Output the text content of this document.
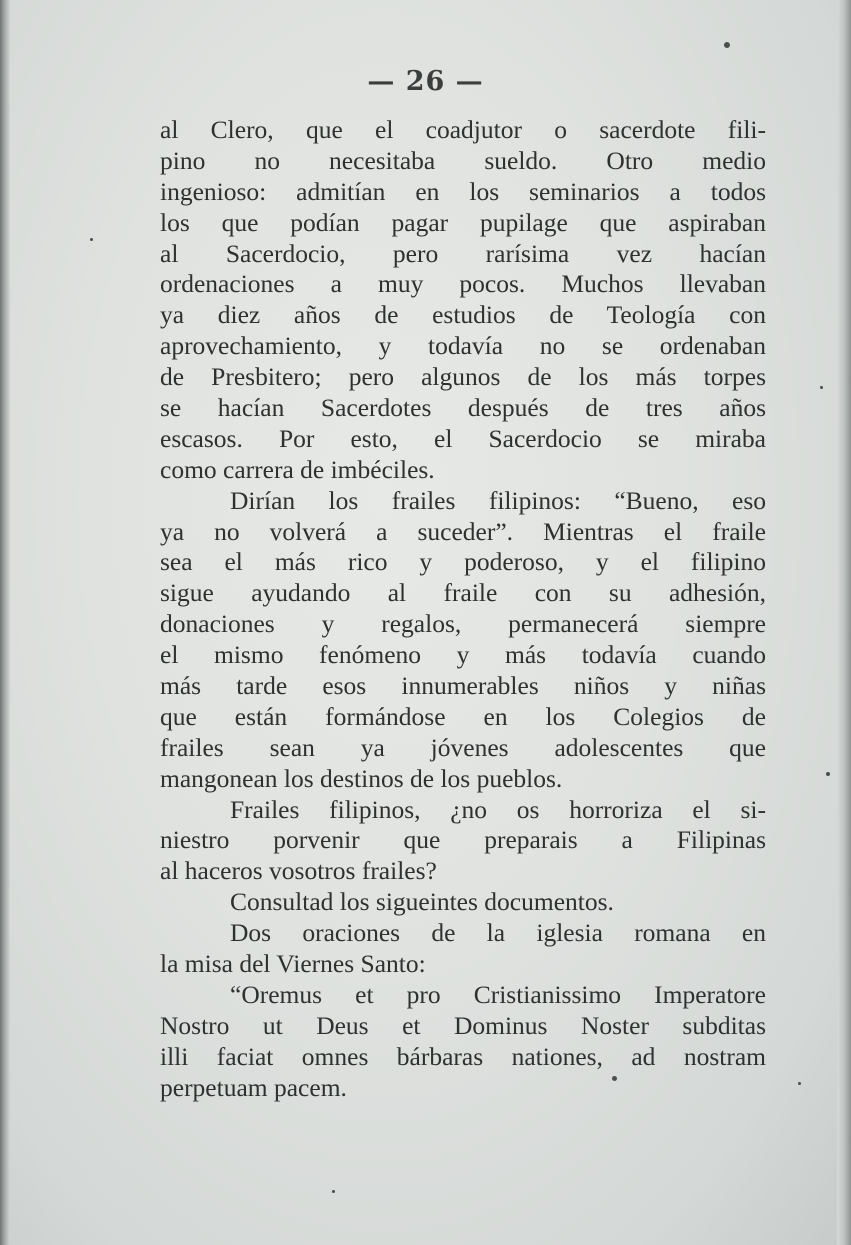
— 26 —
al Clero, que el coadjutor o sacerdote fili-
pino no necesitaba sueldo. Otro medio
ingenioso: admitían en los seminarios a todos
los que podían pagar pupilage que aspiraban
al Sacerdocio, pero rarísima vez hacían
ordenaciones a muy pocos. Muchos llevaban
ya diez años de estudios de Teología con
aprovechamiento, y todavía no se ordenaban
de Presbitero; pero algunos de los más torpes
se hacían Sacerdotes después de tres años
escasos. Por esto, el Sacerdocio se miraba
como carrera de imbéciles.
Dirían los frailes filipinos: “Bueno, eso
ya no volverá a suceder”. Mientras el fraile
sea el más rico y poderoso, y el filipino
sigue ayudando al fraile con su adhesión,
donaciones y regalos, permanecerá siempre
el mismo fenómeno y más todavía cuando
más tarde esos innumerables niños y niñas
que están formándose en los Colegios de
frailes sean ya jóvenes adolescentes que
mangonean los destinos de los pueblos.
Frailes filipinos, ¿no os horroriza el si-
niestro porvenir que preparais a Filipinas
al haceros vosotros frailes?
Consultad los sigueintes documentos.
Dos oraciones de la iglesia romana en
la misa del Viernes Santo:
“Oremus et pro Cristianissimo Imperatore
Nostro ut Deus et Dominus Noster subditas
illi faciat omnes bárbaras nationes, ad nostram
perpetuam pacem.
